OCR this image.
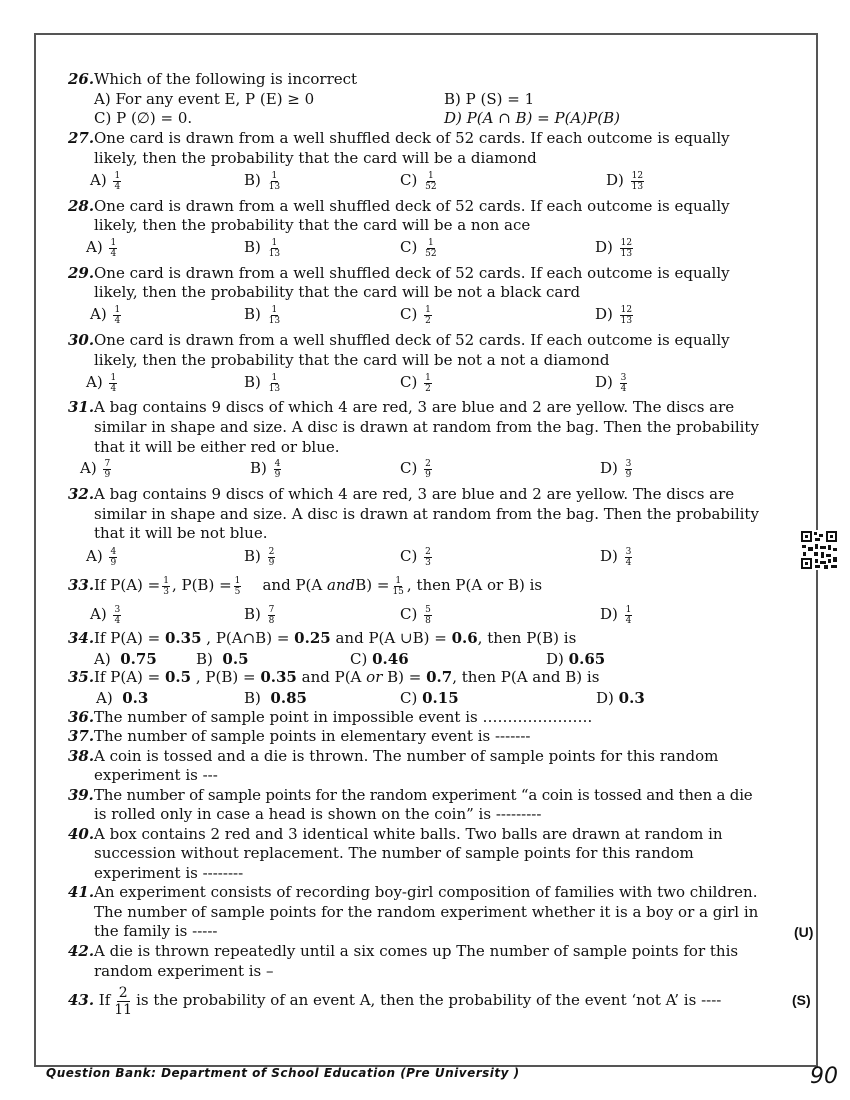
26.Which of the following is incorrect
A) For any event E, P (E) ≥ 0	B) P (S) = 1
C) P (∅) = 0.	D) P(A ∩ B) = P(A)P(B)
27.One card is drawn from a well shuffled deck of 52 cards. If each outcome is equally
likely, then the probability that the card will be a diamond
$A) \frac{1}{4}$	$B) \frac{1}{13}$	$C) \frac{1}{52}$	$D) \frac{12}{13}$
28.One card is drawn from a well shuffled deck of 52 cards. If each outcome is equally
likely, then the probability that the card will be a non ace
$A) \frac{1}{4}$	$B) \frac{1}{13}$	$C) \frac{1}{52}$	$D) \frac{12}{13}$
29.One card is drawn from a well shuffled deck of 52 cards. If each outcome is equally
likely, then the probability that the card will be not a black card
$A) \frac{1}{4}$	$B) \frac{1}{13}$	$C) \frac{1}{2}$	$D) \frac{12}{13}$
30.One card is drawn from a well shuffled deck of 52 cards. If each outcome is equally
likely, then the probability that the card will be not a not a diamond
$A) \frac{1}{4}$	$B) \frac{1}{13}$	$C) \frac{1}{2}$	$D) \frac{3}{4}$
31.A bag contains 9 discs of which 4 are red, 3 are blue and 2 are yellow. The discs are
similar in shape and size. A disc is drawn at random from the bag. Then the probability
that it will be either red or blue.
$A) \frac{7}{9}$	$B) \frac{4}{9}$	$C) \frac{2}{9}$	$D) \frac{3}{9}$
32.A bag contains 9 discs of which 4 are red, 3 are blue and 2 are yellow. The discs are
similar in shape and size. A disc is drawn at random from the bag. Then the probability
that it will be not blue.
$A) \frac{4}{9}$	$B) \frac{2}{9}$	$C) \frac{2}{3}$	$D) \frac{3}{4}$
33.If $P(A) = \frac{1}{3}$ , $P(B) = \frac{1}{5}$ and P(A andB) = $\frac{1}{15}$ , then P(A or B) is
$A) \frac{3}{4}$	$B) \frac{7}{8}$	$C) \frac{5}{8}$	$D) \frac{1}{4}$
34.If P(A) = 0.35 , P(A∩B) = 0.25 and P(A ∪B) = 0.6, then P(B) is
A) 0.75	B) 0.5	C) 0.46	D) 0.65
35.If P(A) = 0.5 , P(B) = 0.35 and P(A or B) = 0.7, then P(A and B) is
A) 0.3	B) 0.85	C) 0.15	D) 0.3
36.The number of sample point in impossible event is ………………….
37.The number of sample points in elementary event is -------
38.A coin is tossed and a die is thrown. The number of sample points for this random
experiment is ---
39.The number of sample points for the random experiment “a coin is tossed and then a die
is rolled only in case a head is shown on the coin” is ---------
40.A box contains 2 red and 3 identical white balls. Two balls are drawn at random in
succession without replacement. The number of sample points for this random
experiment is --------
41.An experiment consists of recording boy-girl composition of families with two children.
The number of sample points for the random experiment whether it is a boy or a girl in
the family is -----	(U)
42.A die is thrown repeatedly until a six comes up The number of sample points for this
random experiment is –
43. If $\frac{2}{11}$ is the probability of an event A, then the probability of the event ‘not A’ is ----	(S)
Question Bank: Department of School Education (Pre University )	90
